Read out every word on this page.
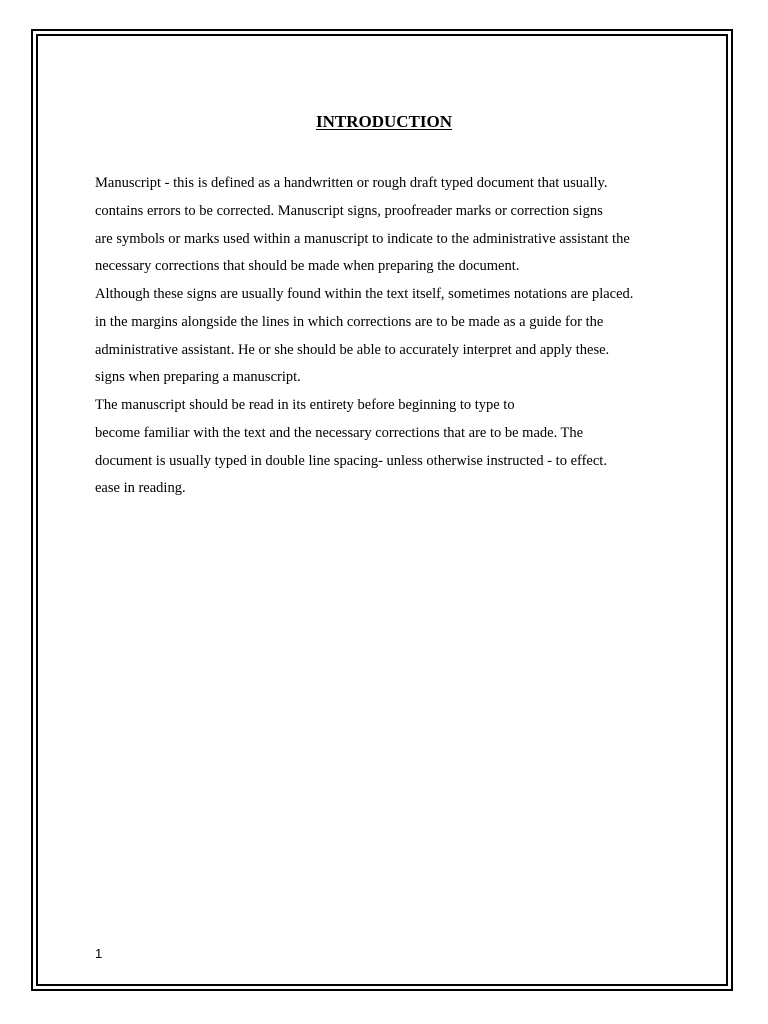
INTRODUCTION
Manuscript - this is defined as a handwritten or rough draft typed document that usually.
contains errors to be corrected. Manuscript signs, proofreader marks or correction signs
are symbols or marks used within a manuscript to indicate to the administrative assistant the
necessary corrections that should be made when preparing the document.
Although these signs are usually found within the text itself, sometimes notations are placed.
in the margins alongside the lines in which corrections are to be made as a guide for the
administrative assistant. He or she should be able to accurately interpret and apply these.
signs when preparing a manuscript.
The manuscript should be read in its entirety before beginning to type to
become familiar with the text and the necessary corrections that are to be made. The
document is usually typed in double line spacing- unless otherwise instructed - to effect.
ease in reading.
1
